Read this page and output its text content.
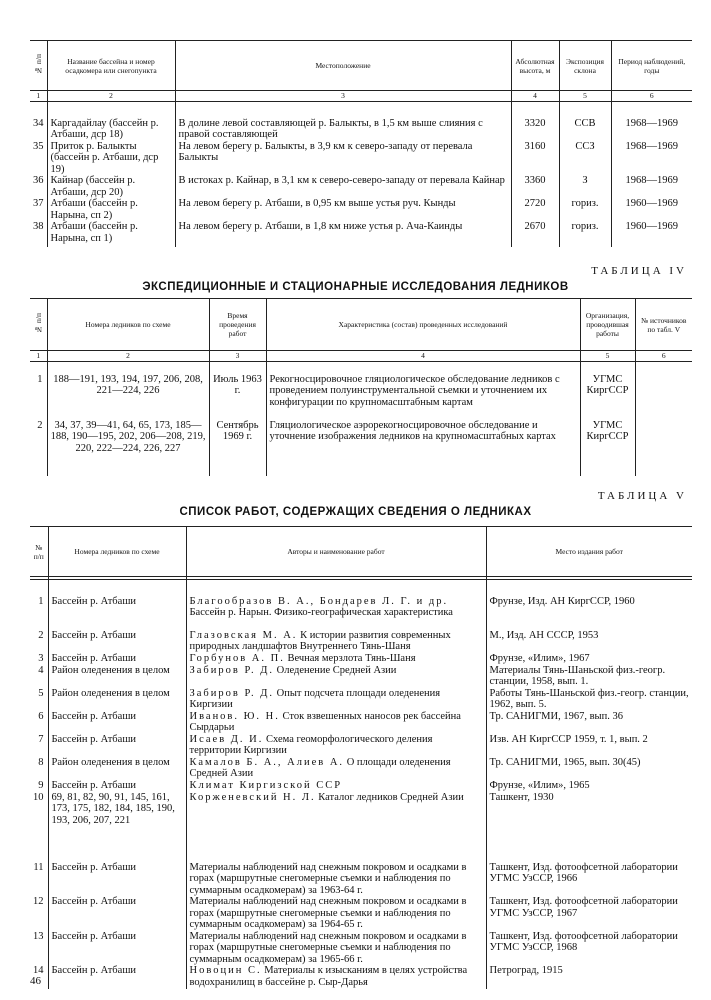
№ п/п	Название бассейна и номер осадкомера или снегопункта	Местоположение	Абсолютная высота, м	Экспозиция склона	Период наблюдений, годы
1	2	3	4	5	6

34	Каргадайлау (бассейн р. Атбаши, дср 18)	В долине левой составляющей р. Балыкты, в 1,5 км выше слияния с правой составляющей	3320	ССВ	1968—1969
35	Приток р. Балыкты (бассейн р. Атбаши, дср 19)	На левом берегу р. Балыкты, в 3,9 км к северо-западу от перевала Балыкты	3160	ССЗ	1968—1969
36	Кайнар (бассейн р. Атбаши, дср 20)	В истоках р. Кайнар, в 3,1 км к северо-северо-западу от перевала Кайнар	3360	З	1968—1969
37	Атбаши (бассейн р. Нарына, сп 2)	На левом берегу р. Атбаши, в 0,95 км выше устья руч. Кынды	2720	гориз.	1960—1969
38	Атбаши (бассейн р. Нарына, сп 1)	На левом берегу р. Атбаши, в 1,8 км ниже устья р. Ача-Каинды	2670	гориз.	1960—1969
ТАБЛИЦА IV
ЭКСПЕДИЦИОННЫЕ И СТАЦИОНАРНЫЕ ИССЛЕДОВАНИЯ ЛЕДНИКОВ
№ п/п	Номера ледников по схеме	Время проведения работ	Характеристика (состав) проведенных исследований	Организация, проводившая работы	№ источников по табл. V
1	2	3	4	5	6

1	188—191, 193, 194, 197, 206, 208, 221—224, 226	Июль 1963 г.	Рекогносцировочное гляциологическое обследование ледников с проведением полуинструментальной съемки и уточнением их конфигурации по крупномасштабным картам	УГМС КиргССР	
2	34, 37, 39—41, 64, 65, 173, 185—188, 190—195, 202, 206—208, 219, 220, 222—224, 226, 227	Сентябрь 1969 г.	Гляциологическое аэрорекогносцировочное обследование и уточнение изображения ледников на крупномасштабных картах	УГМС КиргССР	
ТАБЛИЦА V
СПИСОК РАБОТ, СОДЕРЖАЩИХ СВЕДЕНИЯ О ЛЕДНИКАХ
№ п/п	Номера ледников по схеме	Авторы и наименование работ	Место издания работ

1	Бассейн р. Атбаши	Благообразов В. А., Бондарев Л. Г. и др. Бассейн р. Нарын. Физико-географическая характеристика	Фрунзе, Изд. АН КиргССР, 1960
2	Бассейн р. Атбаши	Глазовская М. А. К истории развития современных природных ландшафтов Внутреннего Тянь-Шаня	М., Изд. АН СССР, 1953
3	Бассейн р. Атбаши	Горбунов А. П. Вечная мерзлота Тянь-Шаня	Фрунзе, «Илим», 1967
4	Район оледенения в целом	Забиров Р. Д. Оледенение Средней Азии	Материалы Тянь-Шаньской физ.-геогр. станции, 1958, вып. 1.
5	Район оледенения в целом	Забиров Р. Д. Опыт подсчета площади оледенения Киргизии	Работы Тянь-Шаньской физ.-геогр. станции, 1962, вып. 5.
6	Бассейн р. Атбаши	Иванов. Ю. Н. Сток взвешенных наносов рек бассейна Сырдарьи	Тр. САНИГМИ, 1967, вып. 36
7	Бассейн р. Атбаши	Исаев Д. И. Схема геоморфологического деления территории Киргизии	Изв. АН КиргССР 1959, т. 1, вып. 2
8	Район оледенения в целом	Камалов Б. А., Алиев А. О площади оледенения Средней Азии	Тр. САНИГМИ, 1965, вып. 30(45)
9	Бассейн р. Атбаши	Климат Киргизской ССР	Фрунзе, «Илим», 1965
10	69, 81, 82, 90, 91, 145, 161, 173, 175, 182, 184, 185, 190, 193, 206, 207, 221	Корженевский Н. Л. Каталог ледников Средней Азии	Ташкент, 1930
11	Бассейн р. Атбаши	Материалы наблюдений над снежным покровом и осадками в горах (маршрутные снегомерные съемки и наблюдения по суммарным осадкомерам) за 1963-64 г.	Ташкент, Изд. фотоофсетной лаборатории УГМС УзССР, 1966
12	Бассейн р. Атбаши	Материалы наблюдений над снежным покровом и осадками в горах (маршрутные снегомерные съемки и наблюдения по суммарным осадкомерам) за 1964-65 г.	Ташкент, Изд. фотоофсетной лаборатории УГМС УзССР, 1967
13	Бассейн р. Атбаши	Материалы наблюдений над снежным покровом и осадками в горах (маршрутные снегомерные съемки и наблюдения по суммарным осадкомерам) за 1965-66 г.	Ташкент, Изд. фотоофсетной лаборатории УГМС УзССР, 1968
14	Бассейн р. Атбаши	Новоцин С. Материалы к изысканиям в целях устройства водохранилищ в бассейне р. Сыр-Дарья	Петроград, 1915
46
